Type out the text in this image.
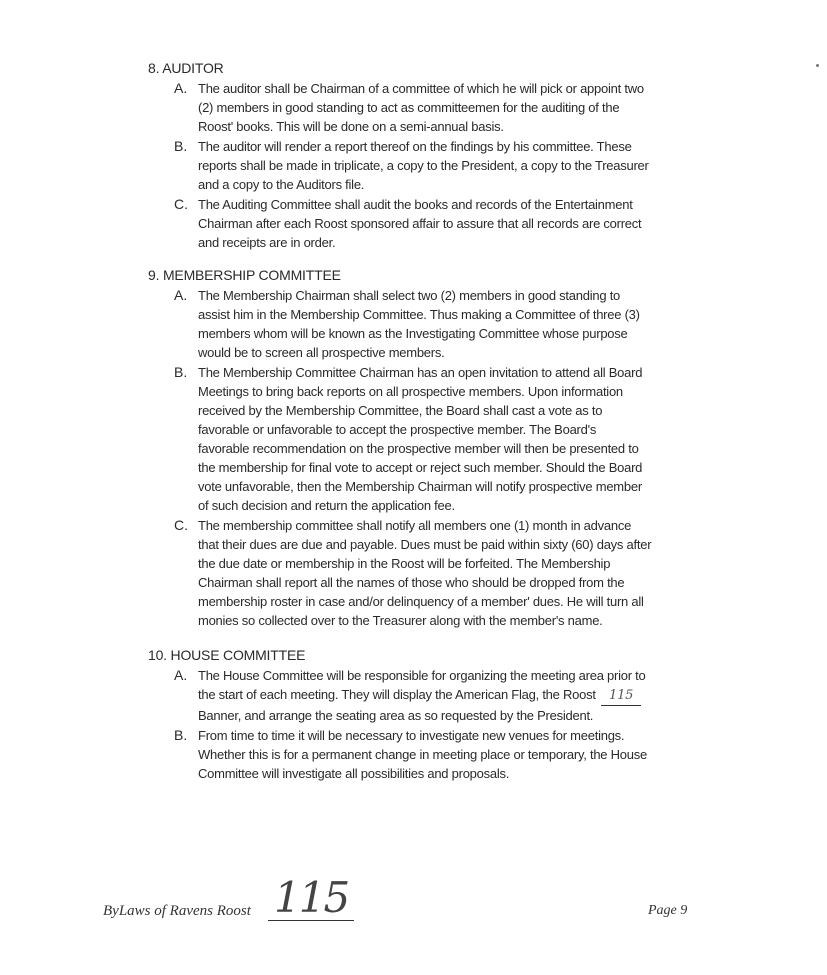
8. AUDITOR
A. The auditor shall be Chairman of a committee of which he will pick or appoint two
(2) members in good standing to act as committeemen for the auditing of the
Roost' books. This will be done on a semi-annual basis.
B. The auditor will render a report thereof on the findings by his committee. These
reports shall be made in triplicate, a copy to the President, a copy to the Treasurer
and a copy to the Auditors file.
C. The Auditing Committee shall audit the books and records of the Entertainment
Chairman after each Roost sponsored affair to assure that all records are correct
and receipts are in order.
9. MEMBERSHIP COMMITTEE
A. The Membership Chairman shall select two (2) members in good standing to
assist him in the Membership Committee. Thus making a Committee of three (3)
members whom will be known as the Investigating Committee whose purpose
would be to screen all prospective members.
B. The Membership Committee Chairman has an open invitation to attend all Board
Meetings to bring back reports on all prospective members. Upon information
received by the Membership Committee, the Board shall cast a vote as to
favorable or unfavorable to accept the prospective member. The Board's
favorable recommendation on the prospective member will then be presented to
the membership for final vote to accept or reject such member. Should the Board
vote unfavorable, then the Membership Chairman will notify prospective member
of such decision and return the application fee.
C. The membership committee shall notify all members one (1) month in advance
that their dues are due and payable. Dues must be paid within sixty (60) days after
the due date or membership in the Roost will be forfeited. The Membership
Chairman shall report all the names of those who should be dropped from the
membership roster in case and/or delinquency of a member' dues. He will turn all
monies so collected over to the Treasurer along with the member's name.
10. HOUSE COMMITTEE
A. The House Committee will be responsible for organizing the meeting area prior to
the start of each meeting. They will display the American Flag, the Roost 115
Banner, and arrange the seating area as so requested by the President.
B. From time to time it will be necessary to investigate new venues for meetings.
Whether this is for a permanent change in meeting place or temporary, the House
Committee will investigate all possibilities and proposals.
ByLaws of Ravens Roost 115	Page 9
